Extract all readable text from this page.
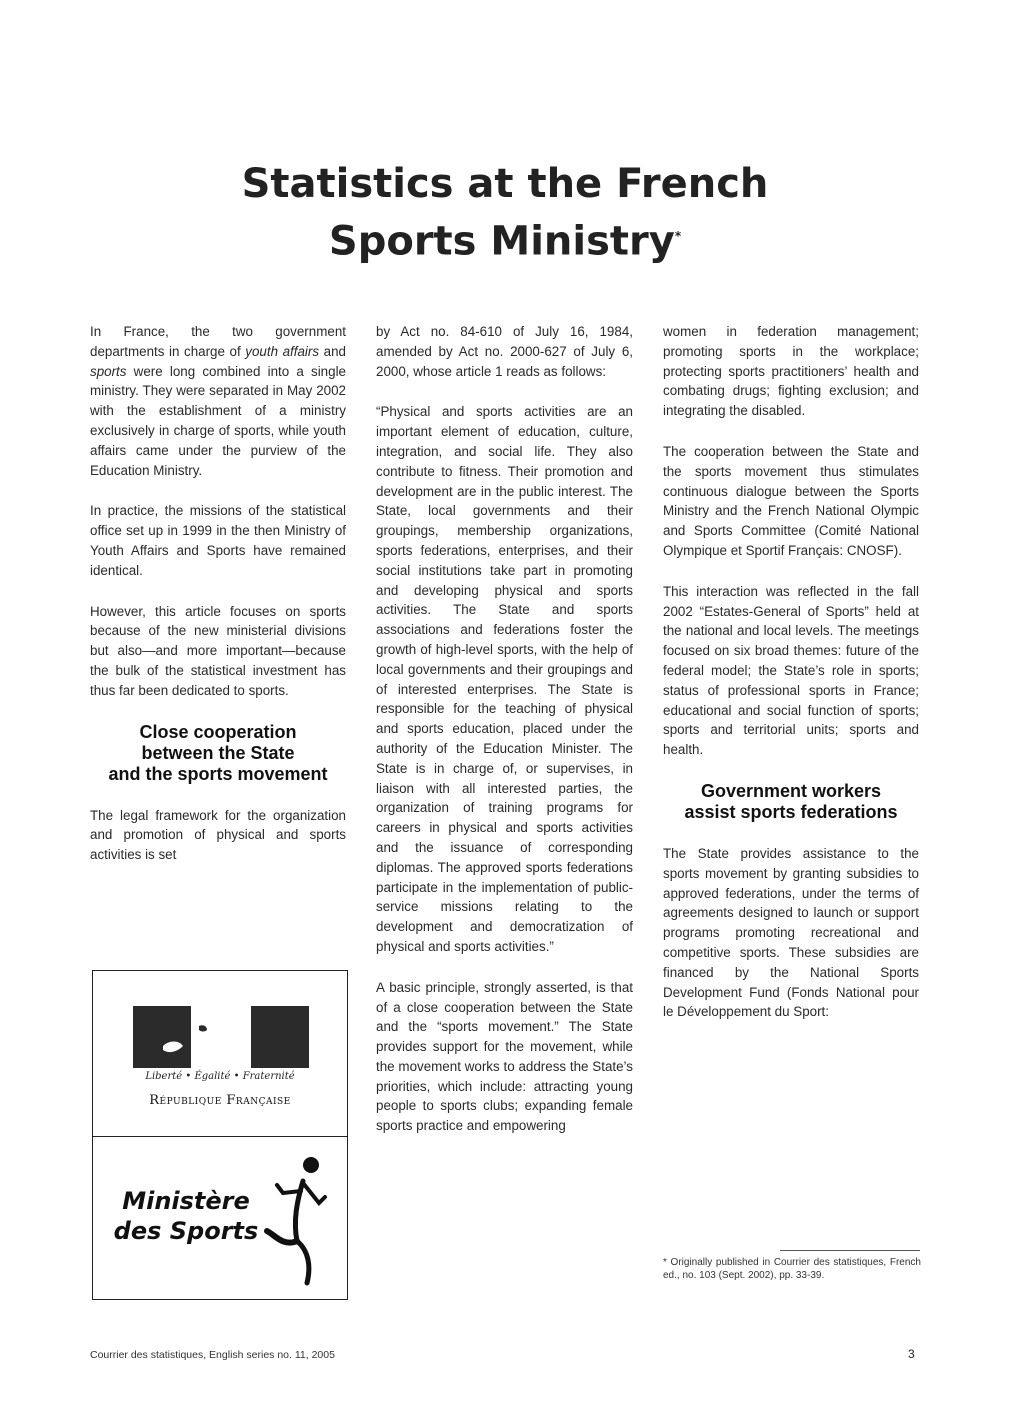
Statistics at the French
Sports Ministry*

In France, the two government departments in charge of youth affairs and sports were long combined into a single ministry. They were separated in May 2002 with the establishment of a ministry exclusively in charge of sports, while youth affairs came under the purview of the Education Ministry.

In practice, the missions of the statistical office set up in 1999 in the then Ministry of Youth Affairs and Sports have remained identical.

However, this article focuses on sports because of the new ministerial divisions but also—and more important—because the bulk of the statistical investment has thus far been dedicated to sports.

Close cooperation
between the State
and the sports movement

The legal framework for the organization and promotion of physical and sports activities is set

Liberté • Égalité • Fraternité
République Française
Ministère
des Sports

by Act no. 84-610 of July 16, 1984, amended by Act no. 2000-627 of July 6, 2000, whose article 1 reads as follows:

“Physical and sports activities are an important element of education, culture, integration, and social life. They also contribute to fitness. Their promotion and development are in the public interest. The State, local governments and their groupings, membership organizations, sports federations, enterprises, and their social institutions take part in promoting and developing physical and sports activities. The State and sports associations and federations foster the growth of high-level sports, with the help of local governments and their groupings and of interested enterprises. The State is responsible for the teaching of physical and sports education, placed under the authority of the Education Minister. The State is in charge of, or supervises, in liaison with all interested parties, the organization of training programs for careers in physical and sports activities and the issuance of corresponding diplomas. The approved sports federations participate in the implementation of public-service missions relating to the development and democratization of physical and sports activities.”

A basic principle, strongly asserted, is that of a close cooperation between the State and the “sports movement.” The State provides support for the movement, while the movement works to address the State’s priorities, which include: attracting young people to sports clubs; expanding female sports practice and empowering

women in federation management; promoting sports in the workplace; protecting sports practitioners’ health and combating drugs; fighting exclusion; and integrating the disabled.

The cooperation between the State and the sports movement thus stimulates continuous dialogue between the Sports Ministry and the French National Olympic and Sports Committee (Comité National Olympique et Sportif Français: CNOSF).

This interaction was reflected in the fall 2002 “Estates-General of Sports” held at the national and local levels. The meetings focused on six broad themes: future of the federal model; the State’s role in sports; status of professional sports in France; educational and social function of sports; sports and territorial units; sports and health.

Government workers
assist sports federations

The State provides assistance to the sports movement by granting subsidies to approved federations, under the terms of agreements designed to launch or support programs promoting recreational and competitive sports. These subsidies are financed by the National Sports Development Fund (Fonds National pour le Développement du Sport:

* Originally published in Courrier des statistiques, French ed., no. 103 (Sept. 2002), pp. 33-39.
Courrier des statistiques, English series no. 11, 2005	3
